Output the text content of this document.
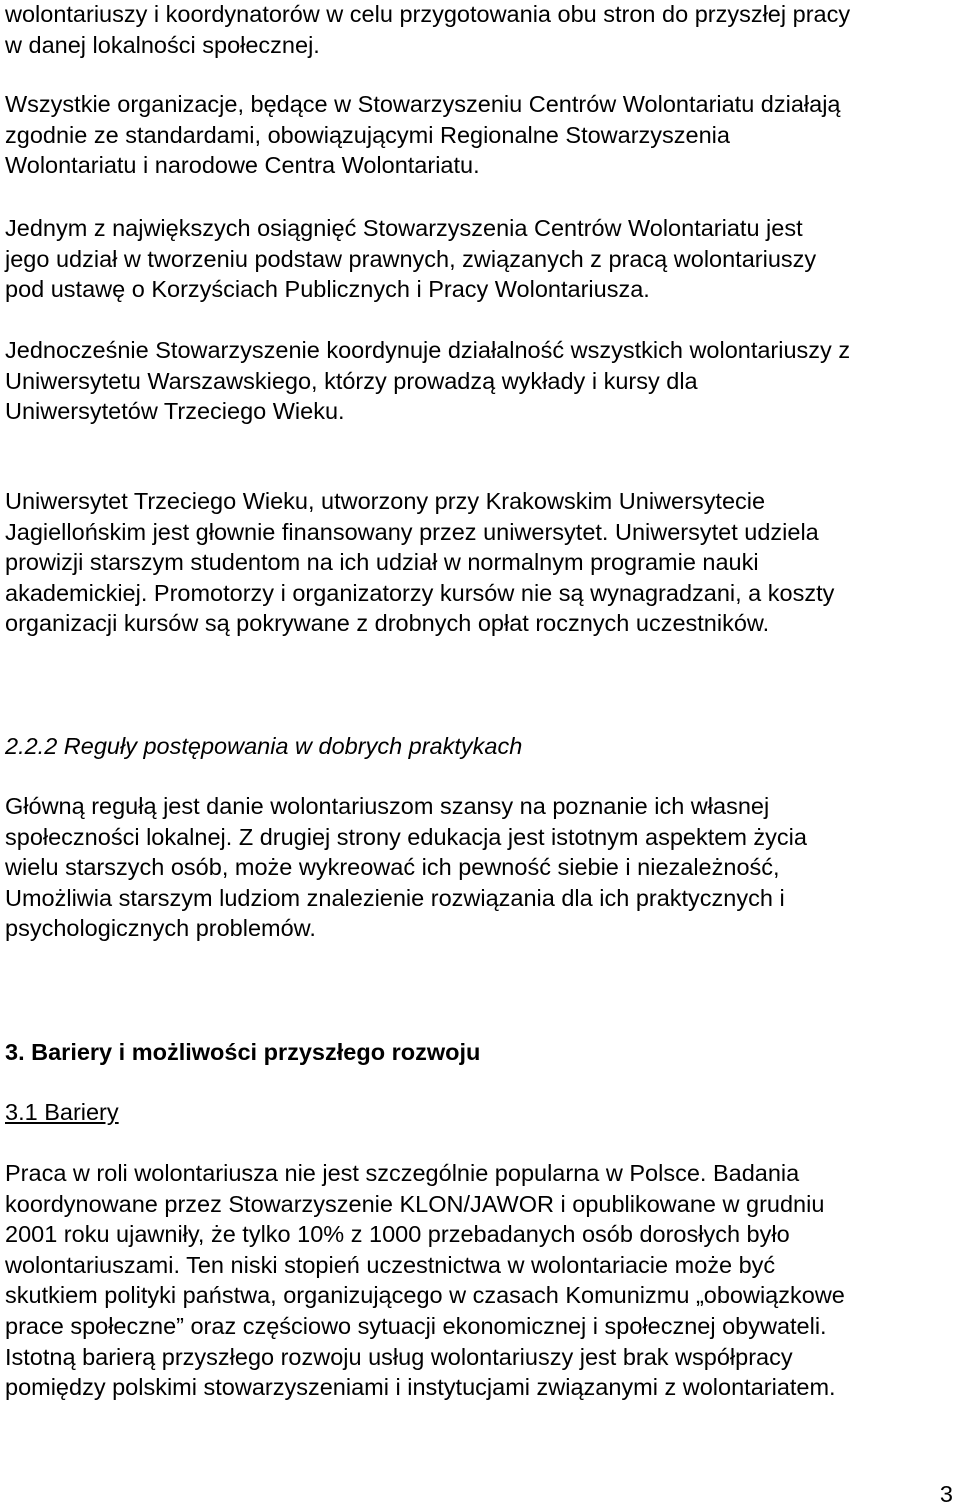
wolontariuszy i koordynatorów w celu przygotowania obu stron do przyszłej pracy
w danej lokalności społecznej.

Wszystkie organizacje, będące w Stowarzyszeniu Centrów Wolontariatu działają
zgodnie ze standardami, obowiązującymi Regionalne Stowarzyszenia
Wolontariatu i narodowe Centra Wolontariatu.

Jednym z największych osiągnięć Stowarzyszenia Centrów Wolontariatu jest
jego udział w tworzeniu podstaw prawnych, związanych z pracą wolontariuszy
pod ustawę o Korzyściach Publicznych i Pracy Wolontariusza.

Jednocześnie Stowarzyszenie koordynuje działalność wszystkich wolontariuszy z
Uniwersytetu Warszawskiego, którzy prowadzą wykłady i kursy dla
Uniwersytetów Trzeciego Wieku.

Uniwersytet Trzeciego Wieku, utworzony przy Krakowskim Uniwersytecie
Jagiellońskim jest głownie finansowany przez uniwersytet. Uniwersytet udziela
prowizji starszym studentom na ich udział w normalnym programie nauki
akademickiej. Promotorzy i organizatorzy kursów nie są wynagradzani, a koszty
organizacji kursów są pokrywane z drobnych opłat rocznych uczestników.

2.2.2 Reguły postępowania w dobrych praktykach

Główną regułą jest danie wolontariuszom szansy na poznanie ich własnej
społeczności lokalnej. Z drugiej strony edukacja jest istotnym aspektem życia
wielu starszych osób, może wykreować ich pewność siebie i niezależność,
Umożliwia starszym ludziom znalezienie rozwiązania dla ich praktycznych i
psychologicznych problemów.

3. Bariery i możliwości przyszłego rozwoju
3.1 Bariery

Praca w roli wolontariusza nie jest szczególnie popularna w Polsce. Badania
koordynowane przez Stowarzyszenie KLON/JAWOR i opublikowane w grudniu
2001 roku ujawniły, że tylko 10% z 1000 przebadanych osób dorosłych było
wolontariuszami. Ten niski stopień uczestnictwa w wolontariacie może być
skutkiem polityki państwa, organizującego w czasach Komunizmu „obowiązkowe
prace społeczne” oraz częściowo sytuacji ekonomicznej i społecznej obywateli.
Istotną barierą przyszłego rozwoju usług wolontariuszy jest brak współpracy
pomiędzy polskimi stowarzyszeniami i instytucjami związanymi z wolontariatem.

3
